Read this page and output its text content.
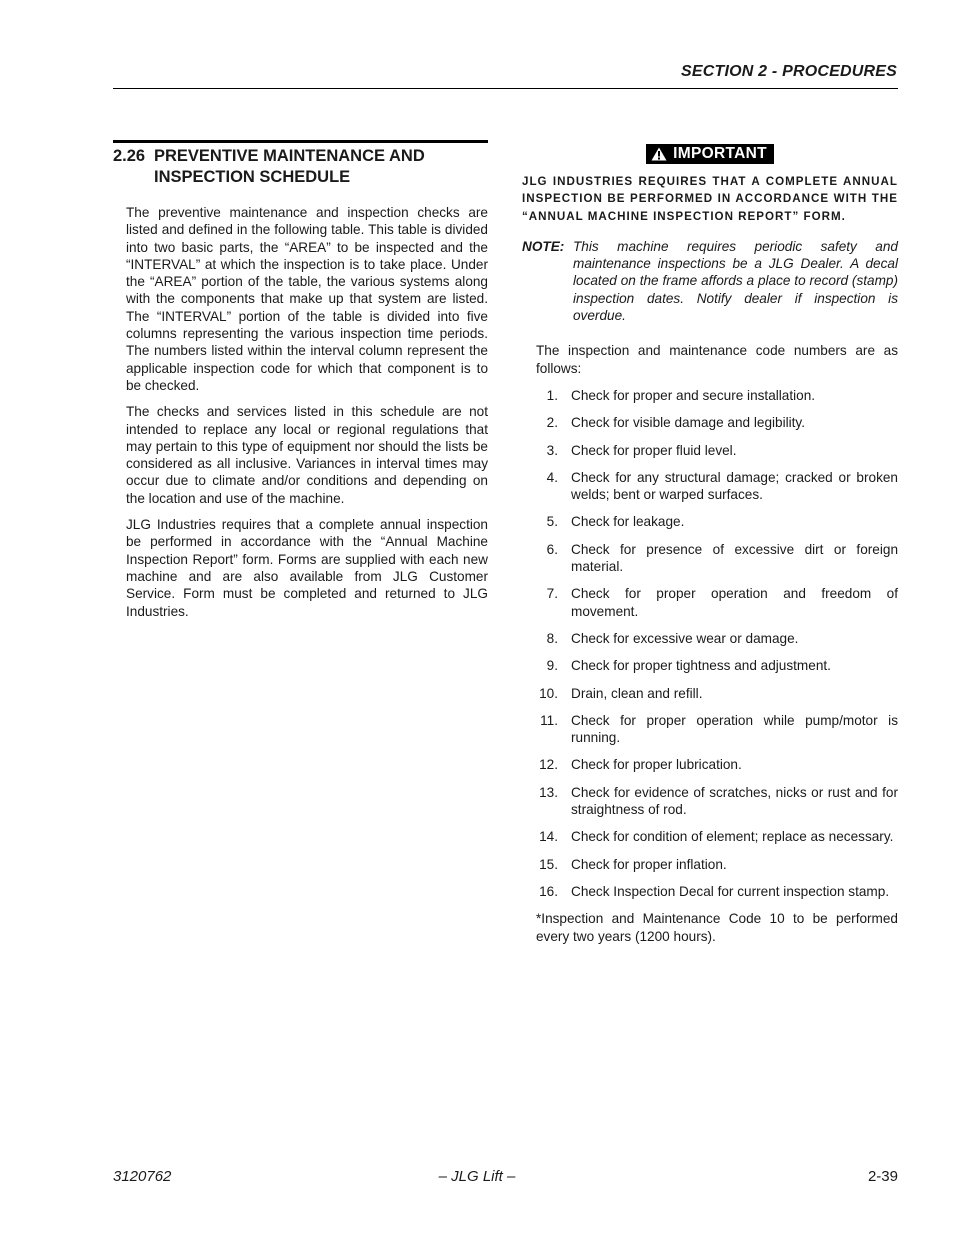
SECTION 2 - PROCEDURES
2.26 PREVENTIVE MAINTENANCE AND INSPECTION SCHEDULE

The preventive maintenance and inspection checks are listed and defined in the following table. This table is divided into two basic parts, the “AREA” to be inspected and the “INTERVAL” at which the inspection is to take place. Under the “AREA” portion of the table, the various systems along with the components that make up that system are listed. The “INTERVAL” portion of the table is divided into five columns representing the various inspection time periods. The numbers listed within the interval column represent the applicable inspection code for which that component is to be checked.

The checks and services listed in this schedule are not intended to replace any local or regional regulations that may pertain to this type of equipment nor should the lists be considered as all inclusive. Variances in interval times may occur due to climate and/or conditions and depending on the location and use of the machine.

JLG Industries requires that a complete annual inspection be performed in accordance with the “Annual Machine Inspection Report” form. Forms are supplied with each new machine and are also available from JLG Customer Service. Form must be completed and returned to JLG Industries.

IMPORTANT
JLG INDUSTRIES REQUIRES THAT A COMPLETE ANNUAL INSPECTION BE PERFORMED IN ACCORDANCE WITH THE “ANNUAL MACHINE INSPECTION REPORT” FORM.
NOTE: This machine requires periodic safety and maintenance inspections be a JLG Dealer. A decal located on the frame affords a place to record (stamp) inspection dates. Notify dealer if inspection is overdue.
The inspection and maintenance code numbers are as follows:
1. Check for proper and secure installation.
2. Check for visible damage and legibility.
3. Check for proper fluid level.
4. Check for any structural damage; cracked or broken welds; bent or warped surfaces.
5. Check for leakage.
6. Check for presence of excessive dirt or foreign material.
7. Check for proper operation and freedom of movement.
8. Check for excessive wear or damage.
9. Check for proper tightness and adjustment.
10. Drain, clean and refill.
11. Check for proper operation while pump/motor is running.
12. Check for proper lubrication.
13. Check for evidence of scratches, nicks or rust and for straightness of rod.
14. Check for condition of element; replace as necessary.
15. Check for proper inflation.
16. Check Inspection Decal for current inspection stamp.
*Inspection and Maintenance Code 10 to be performed every two years (1200 hours).
3120762	– JLG Lift –	2-39
